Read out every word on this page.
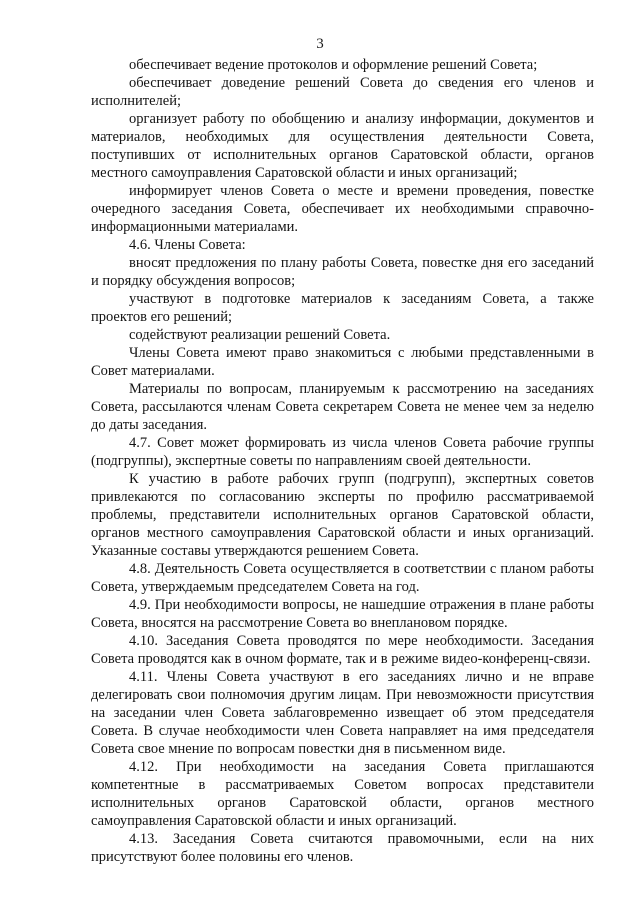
3

обеспечивает ведение протоколов и оформление решений Совета;

обеспечивает доведение решений Совета до сведения его членов и исполнителей;

организует работу по обобщению и анализу информации, документов и материалов, необходимых для осуществления деятельности Совета, поступивших от исполнительных органов Саратовской области, органов местного самоуправления Саратовской области и иных организаций;

информирует членов Совета о месте и времени проведения, повестке очередного заседания Совета, обеспечивает их необходимыми справочно-информационными материалами.

4.6. Члены Совета:

вносят предложения по плану работы Совета, повестке дня его заседаний и порядку обсуждения вопросов;

участвуют в подготовке материалов к заседаниям Совета, а также проектов его решений;

содействуют реализации решений Совета.

Члены Совета имеют право знакомиться с любыми представленными в Совет материалами.

Материалы по вопросам, планируемым к рассмотрению на заседаниях Совета, рассылаются членам Совета секретарем Совета не менее чем за неделю до даты заседания.

4.7. Совет может формировать из числа членов Совета рабочие группы (подгруппы), экспертные советы по направлениям своей деятельности.

К участию в работе рабочих групп (подгрупп), экспертных советов привлекаются по согласованию эксперты по профилю рассматриваемой проблемы, представители исполнительных органов Саратовской области, органов местного самоуправления Саратовской области и иных организаций. Указанные составы утверждаются решением Совета.

4.8. Деятельность Совета осуществляется в соответствии с планом работы Совета, утверждаемым председателем Совета на год.

4.9. При необходимости вопросы, не нашедшие отражения в плане работы Совета, вносятся на рассмотрение Совета во внеплановом порядке.

4.10. Заседания Совета проводятся по мере необходимости. Заседания Совета проводятся как в очном формате, так и в режиме видео-конференц-связи.

4.11. Члены Совета участвуют в его заседаниях лично и не вправе делегировать свои полномочия другим лицам. При невозможности присутствия на заседании член Совета заблаговременно извещает об этом председателя Совета. В случае необходимости член Совета направляет на имя председателя Совета свое мнение по вопросам повестки дня в письменном виде.

4.12. При необходимости на заседания Совета приглашаются компетентные в рассматриваемых Советом вопросах представители исполнительных органов Саратовской области, органов местного самоуправления Саратовской области и иных организаций.

4.13. Заседания Совета считаются правомочными, если на них присутствуют более половины его членов.
